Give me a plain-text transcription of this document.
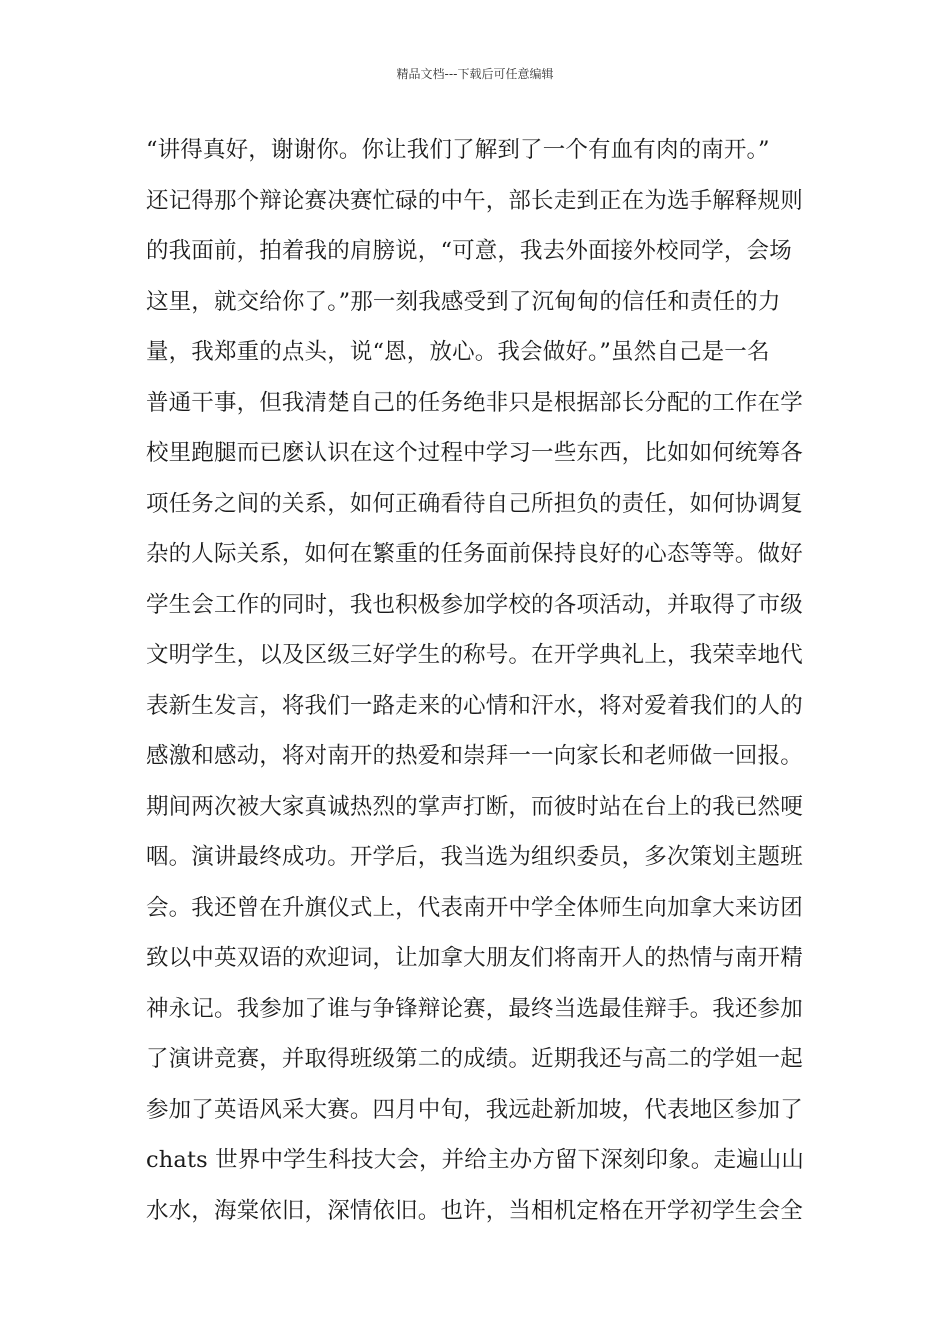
精品文档---下载后可任意编辑
“讲得真好，谢谢你。你让我们了解到了一个有血有肉的南开。”
还记得那个辩论赛决赛忙碌的中午，部长走到正在为选手解释规则
的我面前，拍着我的肩膀说，“可意，我去外面接外校同学，会场
这里，就交给你了。”那一刻我感受到了沉甸甸的信任和责任的力
量，我郑重的点头，说“恩，放心。我会做好。”虽然自己是一名
普通干事，但我清楚自己的任务绝非只是根据部长分配的工作在学
校里跑腿而已麽认识在这个过程中学习一些东西，比如如何统筹各
项任务之间的关系，如何正确看待自己所担负的责任，如何协调复
杂的人际关系，如何在繁重的任务面前保持良好的心态等等。做好
学生会工作的同时，我也积极参加学校的各项活动，并取得了市级
文明学生，以及区级三好学生的称号。在开学典礼上，我荣幸地代
表新生发言，将我们一路走来的心情和汗水，将对爱着我们的人的
感激和感动，将对南开的热爱和崇拜一一向家长和老师做一回报。
期间两次被大家真诚热烈的掌声打断，而彼时站在台上的我已然哽
咽。演讲最终成功。开学后，我当选为组织委员，多次策划主题班
会。我还曾在升旗仪式上，代表南开中学全体师生向加拿大来访团
致以中英双语的欢迎词，让加拿大朋友们将南开人的热情与南开精
神永记。我参加了谁与争锋辩论赛，最终当选最佳辩手。我还参加
了演讲竞赛，并取得班级第二的成绩。近期我还与高二的学姐一起
参加了英语风采大赛。四月中旬，我远赴新加坡，代表地区参加了
chats 世界中学生科技大会，并给主办方留下深刻印象。走遍山山
水水，海棠依旧，深情依旧。也许，当相机定格在开学初学生会全
